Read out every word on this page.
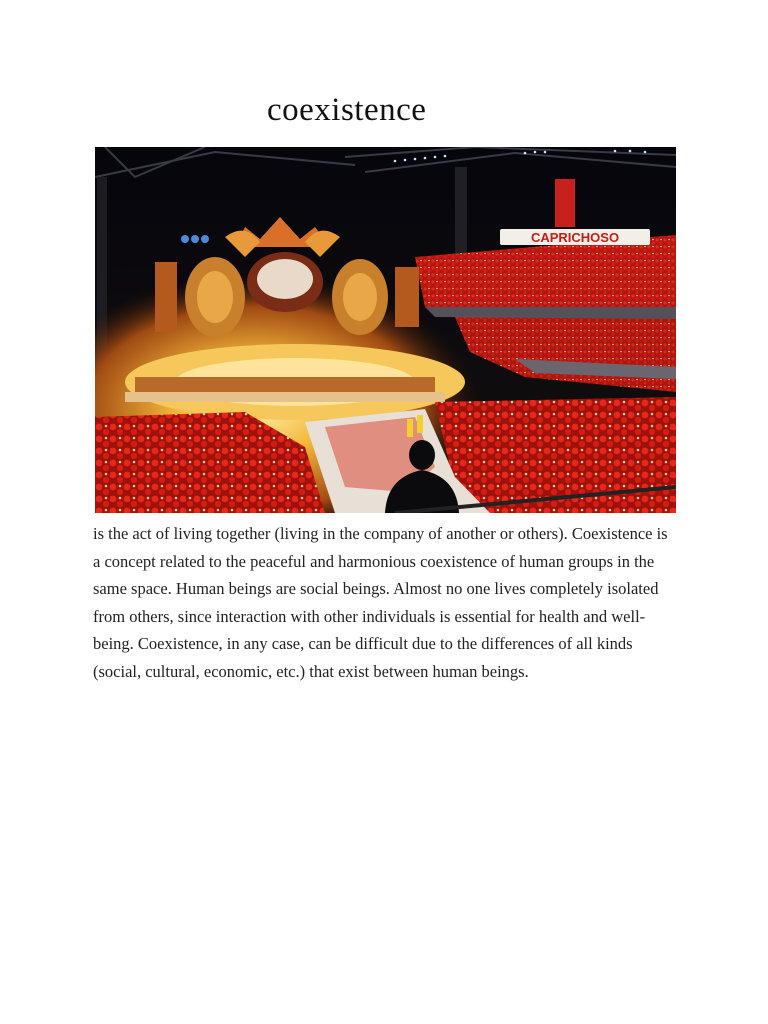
coexistence
CAPRICHOSO

is the act of living together (living in the company of another or others). Coexistence is a concept related to the peaceful and harmonious coexistence of human groups in the same space. Human beings are social beings. Almost no one lives completely isolated from others, since interaction with other individuals is essential for health and well-being. Coexistence, in any case, can be difficult due to the differences of all kinds (social, cultural, economic, etc.) that exist between human beings.
